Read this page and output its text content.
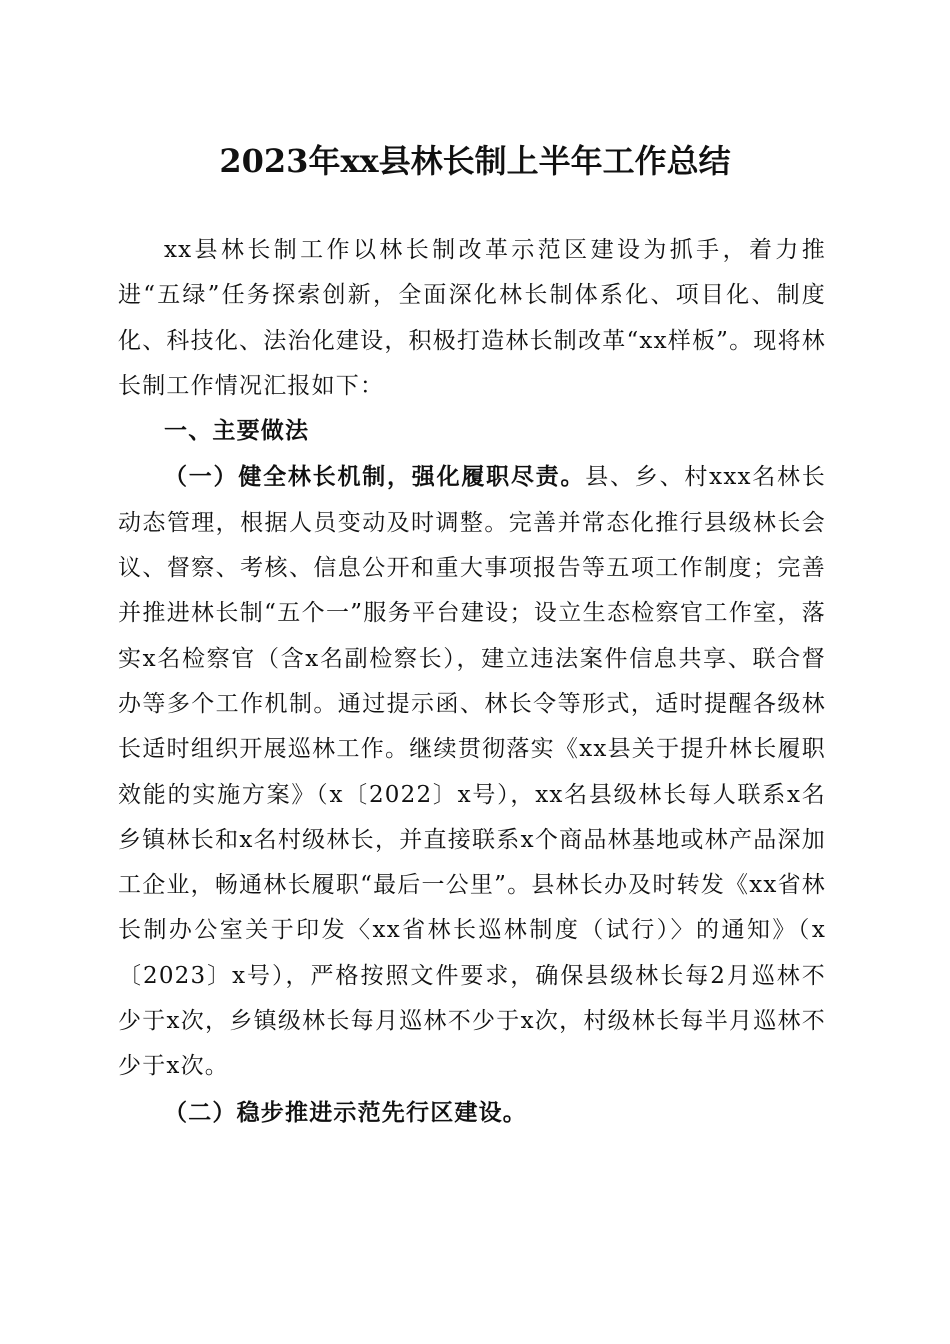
2023年xx县林长制上半年工作总结

xx县林长制工作以林长制改革示范区建设为抓手，着力推进“五绿”任务探索创新，全面深化林长制体系化、项目化、制度化、科技化、法治化建设，积极打造林长制改革“xx样板”。现将林长制工作情况汇报如下：

一、主要做法

（一）健全林长机制，强化履职尽责。县、乡、村xxx名林长动态管理，根据人员变动及时调整。完善并常态化推行县级林长会议、督察、考核、信息公开和重大事项报告等五项工作制度；完善并推进林长制“五个一”服务平台建设；设立生态检察官工作室，落实x名检察官（含x名副检察长），建立违法案件信息共享、联合督办等多个工作机制。通过提示函、林长令等形式，适时提醒各级林长适时组织开展巡林工作。继续贯彻落实《xx县关于提升林长履职效能的实施方案》（x〔2022〕x号），xx名县级林长每人联系x名乡镇林长和x名村级林长，并直接联系x个商品林基地或林产品深加工企业，畅通林长履职“最后一公里”。县林长办及时转发《xx省林长制办公室关于印发〈xx省林长巡林制度（试行）〉的通知》（x〔2023〕x号），严格按照文件要求，确保县级林长每2月巡林不少于x次，乡镇级林长每月巡林不少于x次，村级林长每半月巡林不少于x次。

（二）稳步推进示范先行区建设。
